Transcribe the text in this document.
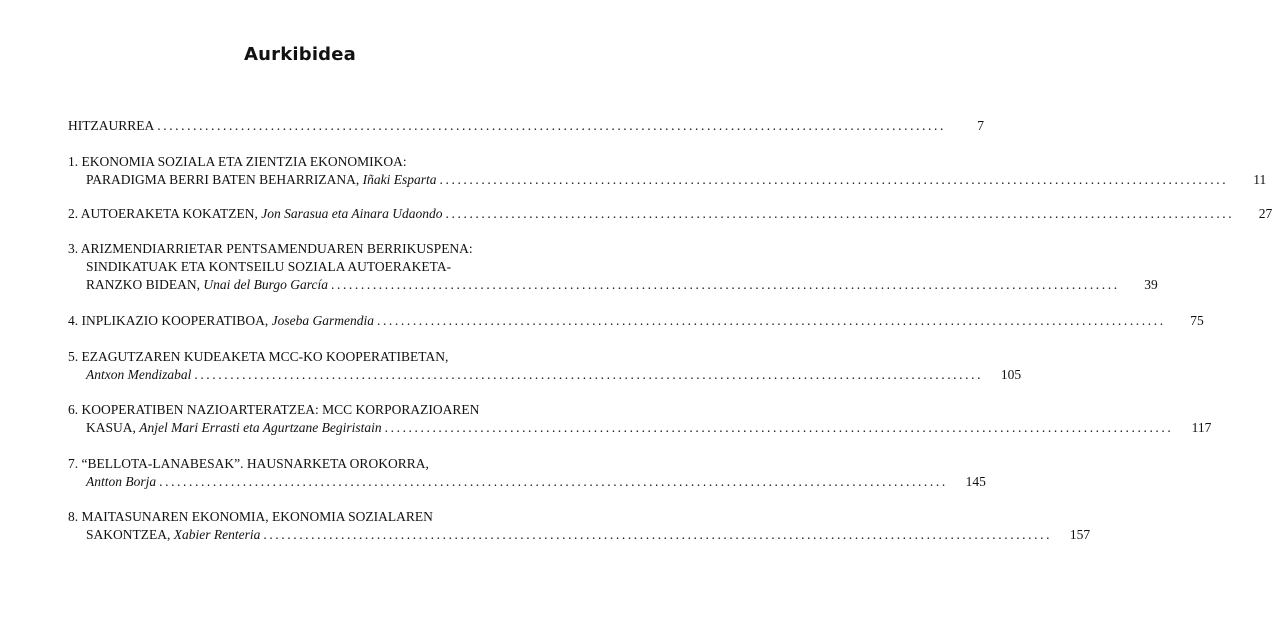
Aurkibidea
HITZAURREA ....................................................................................................................................	7
1. EKONOMIA SOZIALA ETA ZIENTZIA EKONOMIKOA:
PARADIGMA BERRI BATEN BEHARRIZANA, Iñaki Esparta ....................................................................................................................................	11
2. AUTOERAKETA KOKATZEN, Jon Sarasua eta Ainara Udaondo ....................................................................................................................................	27
3. ARIZMENDIARRIETAR PENTSAMENDUAREN BERRIKUSPENA:
SINDIKATUAK ETA KONTSEILU SOZIALA AUTOERAKETA-
RANZKO BIDEAN, Unai del Burgo García ....................................................................................................................................	39
4. INPLIKAZIO KOOPERATIBOA, Joseba Garmendia ....................................................................................................................................	75
5. EZAGUTZAREN KUDEAKETA MCC-KO KOOPERATIBETAN,
Antxon Mendizabal ....................................................................................................................................	105
6. KOOPERATIBEN NAZIOARTERATZEA: MCC KORPORAZIOAREN
KASUA, Anjel Mari Errasti eta Agurtzane Begiristain ....................................................................................................................................	117
7. “BELLOTA-LANABESAK”. HAUSNARKETA OROKORRA,
Antton Borja ....................................................................................................................................	145
8. MAITASUNAREN EKONOMIA, EKONOMIA SOZIALAREN
SAKONTZEA, Xabier Renteria ....................................................................................................................................	157
